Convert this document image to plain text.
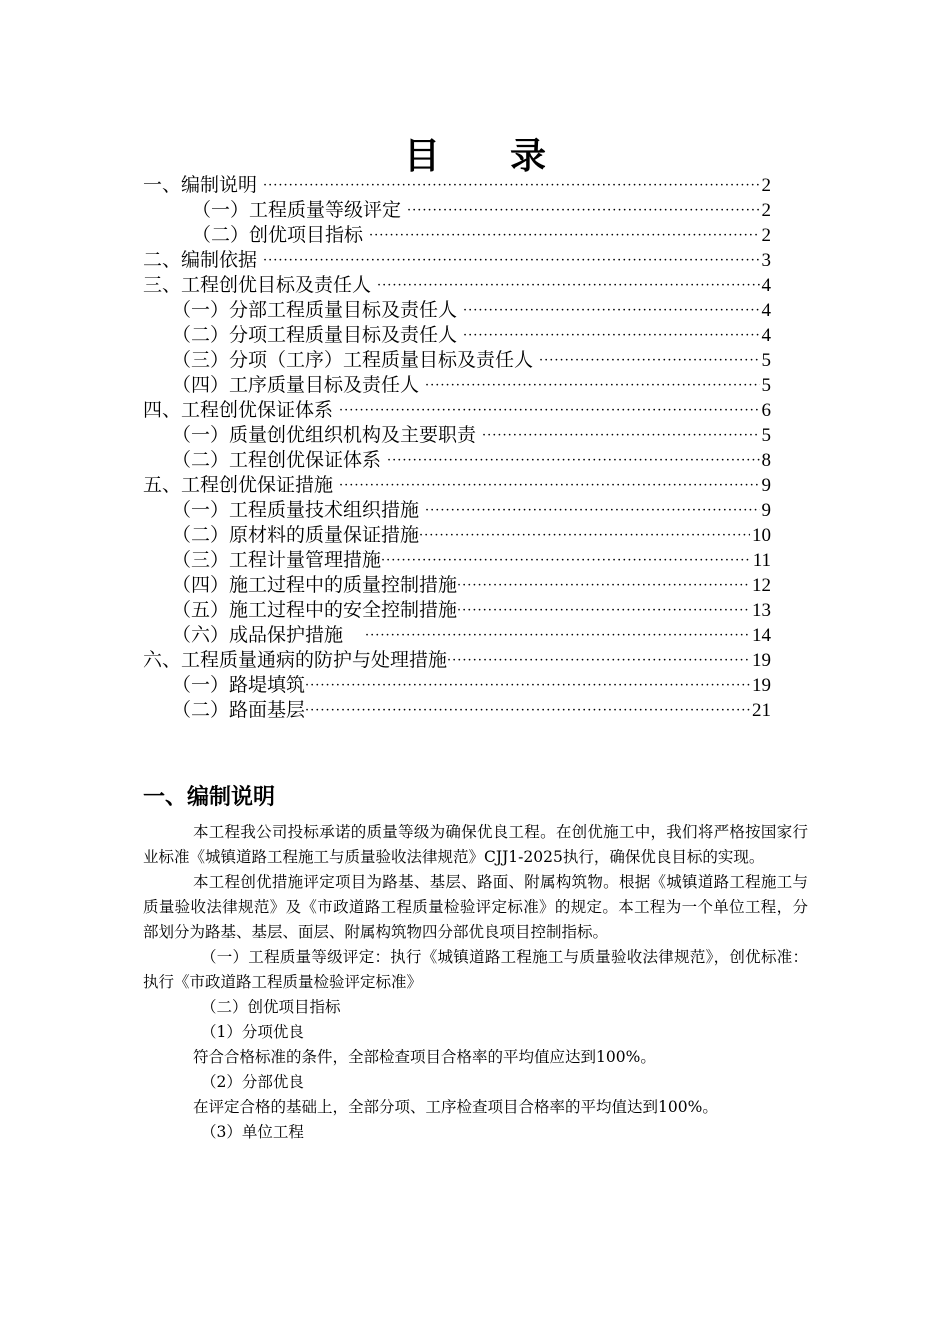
目 录
一、编制说明 ·····	2
（一）工程质量等级评定 ·····	2
（二）创优项目指标 ·····	2
二、编制依据 ·····	3
三、工程创优目标及责任人 ·····	4
（一）分部工程质量目标及责任人 ·····	4
（二）分项工程质量目标及责任人 ·····	4
（三）分项（工序）工程质量目标及责任人 ·····	5
（四）工序质量目标及责任人 ·····	5
四、工程创优保证体系 ·····	6
（一）质量创优组织机构及主要职责 ·····	5
（二）工程创优保证体系 ·····	8
五、工程创优保证措施 ·····	9
（一）工程质量技术组织措施 ·····	9
（二）原材料的质量保证措施 ·····	10
（三）工程计量管理措施 ·····	11
（四）施工过程中的质量控制措施 ·····	12
（五）施工过程中的安全控制措施 ·····	13
（六）成品保护措施 ·····	14
六、工程质量通病的防护与处理措施 ·····	19
（一）路堤填筑 ·····	19
（二）路面基层 ·····	21
一、编制说明

本工程我公司投标承诺的质量等级为确保优良工程。在创优施工中，我们将严格按国家行业标准《城镇道路工程施工与质量验收法律规范》CJJ1-2025执行，确保优良目标的实现。

本工程创优措施评定项目为路基、基层、路面、附属构筑物。根据《城镇道路工程施工与质量验收法律规范》及《市政道路工程质量检验评定标准》的规定。本工程为一个单位工程，分部划分为路基、基层、面层、附属构筑物四分部优良项目控制指标。

（一）工程质量等级评定：执行《城镇道路工程施工与质量验收法律规范》，创优标准：执行《市政道路工程质量检验评定标准》

（二）创优项目指标

（1）分项优良

符合合格标准的条件，全部检查项目合格率的平均值应达到100%。

（2）分部优良

在评定合格的基础上，全部分项、工序检查项目合格率的平均值达到100%。

（3）单位工程
